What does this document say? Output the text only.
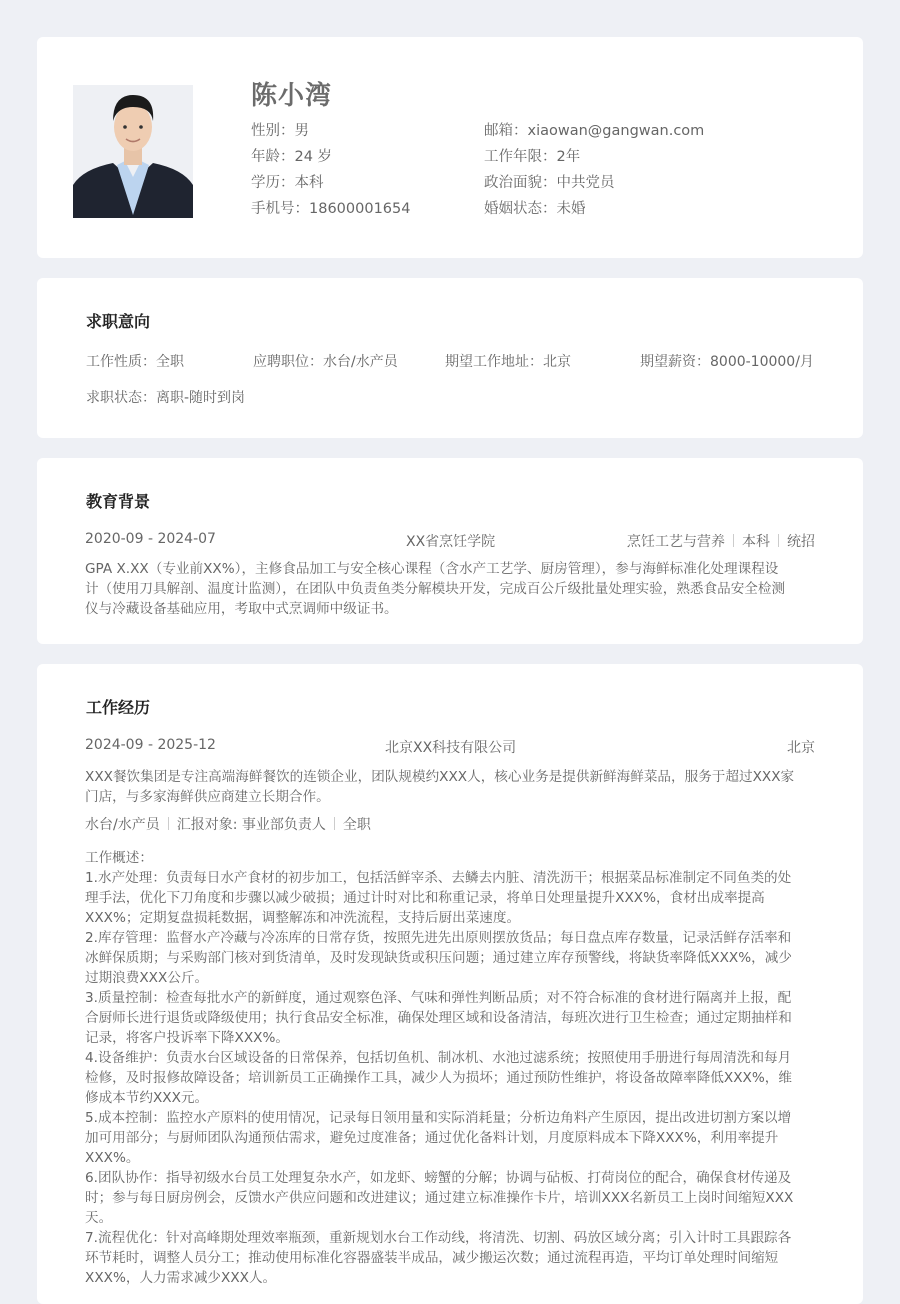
陈小湾
性别：男
年龄：24 岁
学历：本科
手机号：18600001654
邮箱：xiaowan@gangwan.com
工作年限：2年
政治面貌：中共党员
婚姻状态：未婚
求职意向
工作性质：全职	应聘职位：水台/水产员	期望工作地址：北京	期望薪资：8000-10000/月
求职状态：离职-随时到岗
教育背景
2020-09 - 2024-07	XX省烹饪学院	烹饪工艺与营养 本科 统招
GPA X.XX（专业前XX%），主修食品加工与安全核心课程（含水产工艺学、厨房管理），参与海鲜标准化处理课程设
计（使用刀具解剖、温度计监测），在团队中负责鱼类分解模块开发，完成百公斤级批量处理实验，熟悉食品安全检测
仪与冷藏设备基础应用，考取中式烹调师中级证书。
工作经历
2024-09 - 2025-12	北京XX科技有限公司	北京
XXX餐饮集团是专注高端海鲜餐饮的连锁企业，团队规模约XXX人，核心业务是提供新鲜海鲜菜品，服务于超过XXX家
门店，与多家海鲜供应商建立长期合作。
水台/水产员 汇报对象: 事业部负责人 全职
工作概述：
1.水产处理：负责每日水产食材的初步加工，包括活鲜宰杀、去鳞去内脏、清洗沥干；根据菜品标准制定不同鱼类的处
理手法，优化下刀角度和步骤以减少破损；通过计时对比和称重记录，将单日处理量提升XXX%，食材出成率提高
XXX%；定期复盘损耗数据，调整解冻和冲洗流程，支持后厨出菜速度。
2.库存管理：监督水产冷藏与冷冻库的日常存货，按照先进先出原则摆放货品；每日盘点库存数量，记录活鲜存活率和
冰鲜保质期；与采购部门核对到货清单，及时发现缺货或积压问题；通过建立库存预警线，将缺货率降低XXX%，减少
过期浪费XXX公斤。
3.质量控制：检查每批水产的新鲜度，通过观察色泽、气味和弹性判断品质；对不符合标准的食材进行隔离并上报，配
合厨师长进行退货或降级使用；执行食品安全标准，确保处理区域和设备清洁，每班次进行卫生检查；通过定期抽样和
记录，将客户投诉率下降XXX%。
4.设备维护：负责水台区域设备的日常保养，包括切鱼机、制冰机、水池过滤系统；按照使用手册进行每周清洗和每月
检修，及时报修故障设备；培训新员工正确操作工具，减少人为损坏；通过预防性维护，将设备故障率降低XXX%，维
修成本节约XXX元。
5.成本控制：监控水产原料的使用情况，记录每日领用量和实际消耗量；分析边角料产生原因，提出改进切割方案以增
加可用部分；与厨师团队沟通预估需求，避免过度准备；通过优化备料计划，月度原料成本下降XXX%，利用率提升
XXX%。
6.团队协作：指导初级水台员工处理复杂水产，如龙虾、螃蟹的分解；协调与砧板、打荷岗位的配合，确保食材传递及
时；参与每日厨房例会，反馈水产供应问题和改进建议；通过建立标准操作卡片，培训XXX名新员工上岗时间缩短XXX
天。
7.流程优化：针对高峰期处理效率瓶颈，重新规划水台工作动线，将清洗、切割、码放区域分离；引入计时工具跟踪各
环节耗时，调整人员分工；推动使用标准化容器盛装半成品，减少搬运次数；通过流程再造，平均订单处理时间缩短
XXX%，人力需求减少XXX人。
